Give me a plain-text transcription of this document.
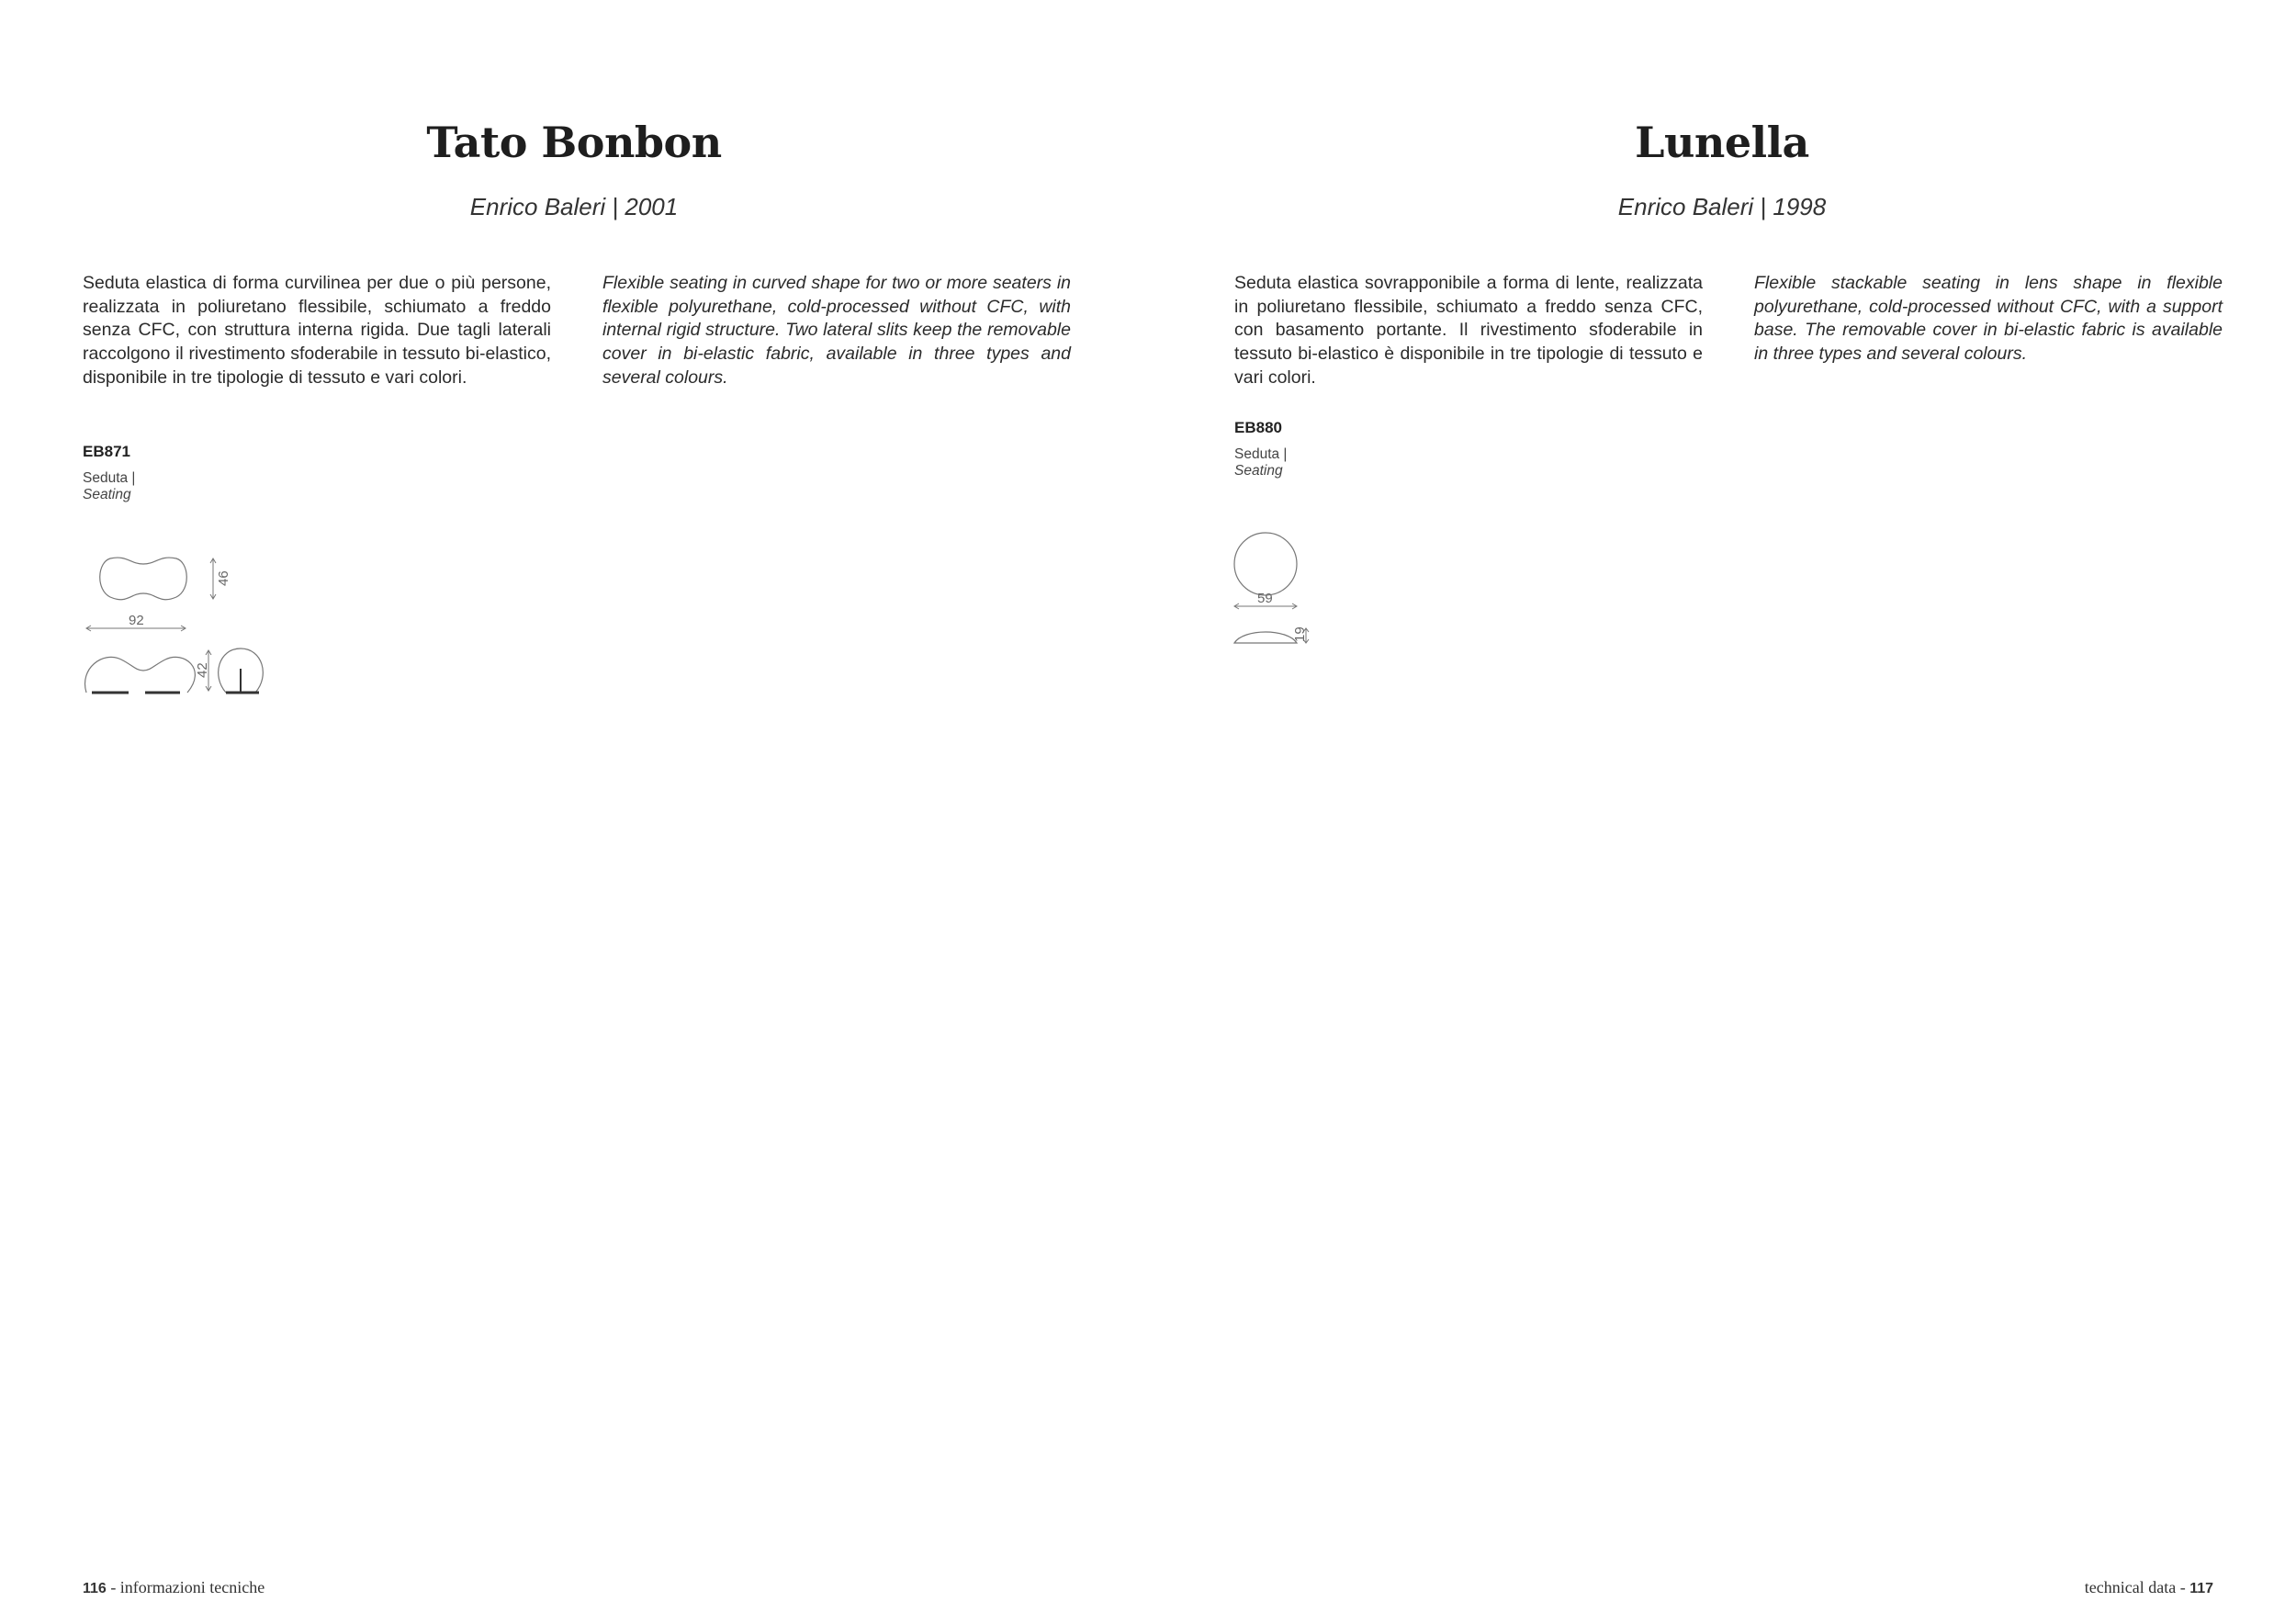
Tato Bonbon
Enrico Baleri | 2001
Seduta elastica di forma curvilinea per due o più persone, realizzata in poliuretano flessibile, schiumato a freddo senza CFC, con struttura interna rigida. Due tagli laterali raccolgono il rivestimento sfoderabile in tessuto bi-elastico, disponibile in tre tipologie di tessuto e vari colori.
Flexible seating in curved shape for two or more seaters in flexible polyurethane, cold-processed without CFC, with internal rigid structure. Two lateral slits keep the removable cover in bi-elastic fabric, available in three types and several colours.
EB871
Seduta |
Seating
46
92
42
116 - informazioni tecniche
Lunella
Enrico Baleri | 1998
Seduta elastica sovrapponibile a forma di lente, realizzata in poliuretano flessibile, schiumato a freddo senza CFC, con basamento portante. Il rivestimento sfoderabile in tessuto bi-elastico è disponibile in tre tipologie di tessuto e vari colori.
Flexible stackable seating in lens shape in flexible polyurethane, cold-processed without CFC, with a support base. The removable cover in bi-elastic fabric is available in three types and several colours.
EB880
Seduta |
Seating
59
19
technical data - 117
